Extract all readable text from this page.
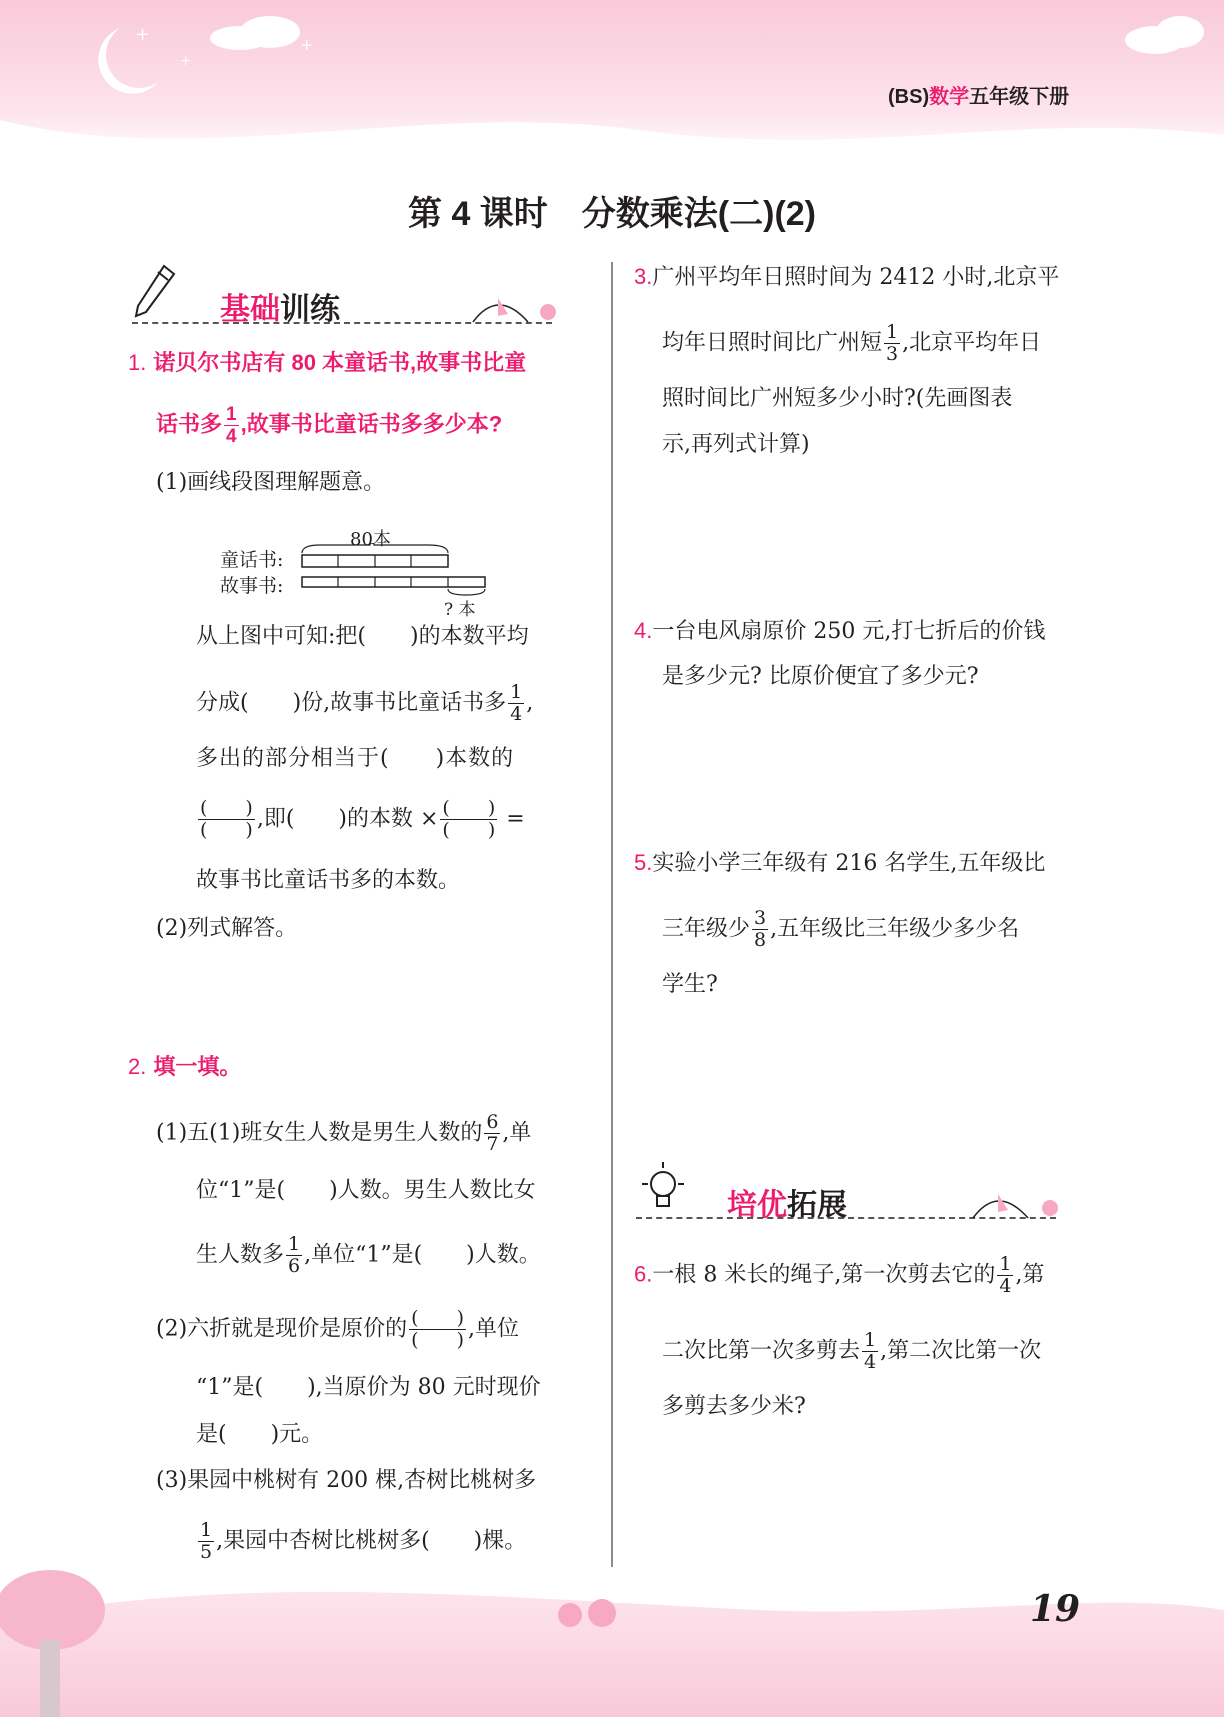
+
+
+
(BS)数学五年级下册
第 4 课时　分数乘法(二)(2)
基础训练
1. 诺贝尔书店有 80 本童话书,故事书比童
话书多 $\frac{1}{4}$ ,故事书比童话书多多少本?
(1)画线段图理解题意。
80本
童话书:
故事书:
? 本
从上图中可知:把(　　)的本数平均
分成(　　)份,故事书比童话书多 $\frac{1}{4}$ ,
多出的部分相当于(　　)本数的
$\frac{( )}{( )}$ ,即(　　)的本数 × $\frac{( )}{( )}$ =
故事书比童话书多的本数。
(2)列式解答。
2. 填一填。
(1)五(1)班女生人数是男生人数的 $\frac{6}{7}$ ,单
位“1”是(　　)人数。男生人数比女
生人数多 $\frac{1}{6}$ ,单位“1”是(　　)人数。
(2)六折就是现价是原价的 $\frac{( )}{( )}$ ,单位
“1”是(　　),当原价为 80 元时现价
是(　　)元。
(3)果园中桃树有 200 棵,杏树比桃树多
$\frac{1}{5}$ ,果园中杏树比桃树多(　　)棵。
3.广州平均年日照时间为 2412 小时,北京平
均年日照时间比广州短 $\frac{1}{3}$ ,北京平均年日
照时间比广州短多少小时?(先画图表
示,再列式计算)
4.一台电风扇原价 250 元,打七折后的价钱
是多少元? 比原价便宜了多少元?
5.实验小学三年级有 216 名学生,五年级比
三年级少 $\frac{3}{8}$ ,五年级比三年级少多少名
学生?
培优拓展
6.一根 8 米长的绳子,第一次剪去它的 $\frac{1}{4}$ ,第
二次比第一次多剪去 $\frac{1}{4}$ ,第二次比第一次
多剪去多少米?
19
